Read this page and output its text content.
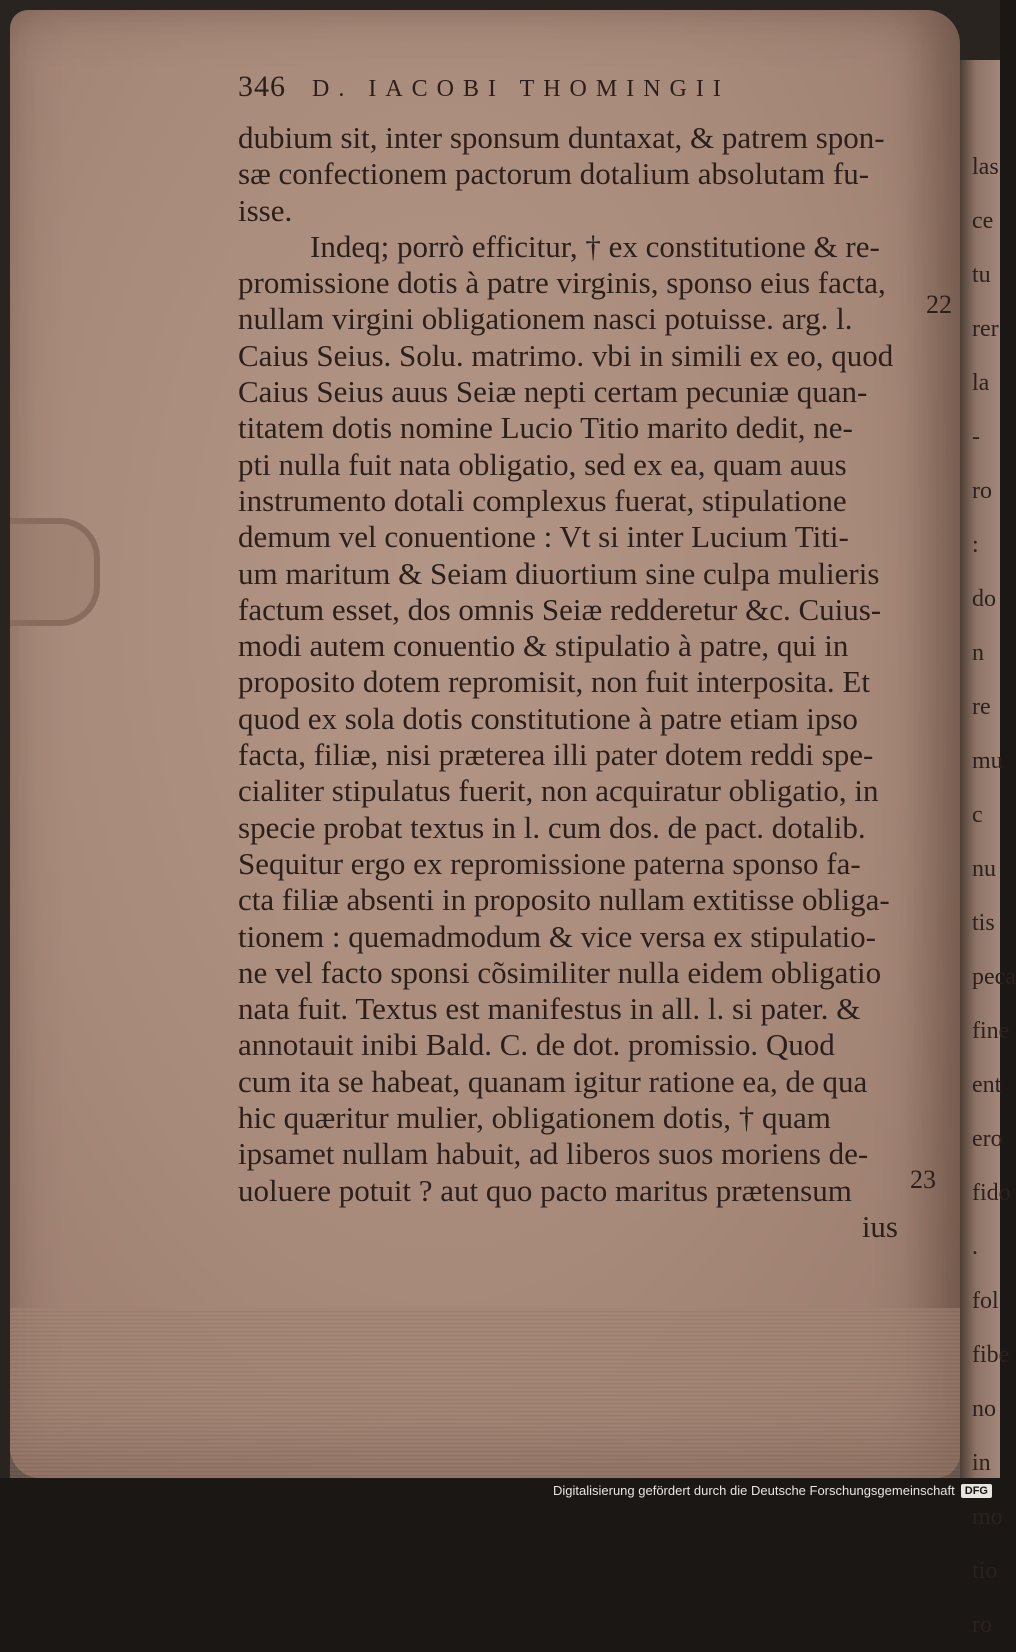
las
ce
tu
rer
la
-
ro
:
do
n
re
mu
c
nu
tis
peca
fine
ent
ero
fido
.
fol
fibe
no
in
mo
tio
ro
346 D. IACOBI THOMINGII
dubium sit, inter sponsum duntaxat, & patrem spon-
sæ confectionem pactorum dotalium absolutam fu-
isse.
Indeq; porrò efficitur, † ex constitutione & re-
promissione dotis à patre virginis, sponso eius facta,
nullam virgini obligationem nasci potuisse. arg. l.
Caius Seius. Solu. matrimo. vbi in simili ex eo, quod
Caius Seius auus Seiæ nepti certam pecuniæ quan-
titatem dotis nomine Lucio Titio marito dedit, ne-
pti nulla fuit nata obligatio, sed ex ea, quam auus
instrumento dotali complexus fuerat, stipulatione
demum vel conuentione : Vt si inter Lucium Titi-
um maritum & Seiam diuortium sine culpa mulieris
factum esset, dos omnis Seiæ redderetur &c. Cuius-
modi autem conuentio & stipulatio à patre, qui in
proposito dotem repromisit, non fuit interposita. Et
quod ex sola dotis constitutione à patre etiam ipso
facta, filiæ, nisi præterea illi pater dotem reddi spe-
cialiter stipulatus fuerit, non acquiratur obligatio, in
specie probat textus in l. cum dos. de pact. dotalib.
Sequitur ergo ex repromissione paterna sponso fa-
cta filiæ absenti in proposito nullam extitisse obliga-
tionem : quemadmodum & vice versa ex stipulatio-
ne vel facto sponsi cõsimiliter nulla eidem obligatio
nata fuit. Textus est manifestus in all. l. si pater. &
annotauit inibi Bald. C. de dot. promissio. Quod
cum ita se habeat, quanam igitur ratione ea, de qua
hic quæritur mulier, obligationem dotis, † quam
ipsamet nullam habuit, ad liberos suos moriens de-
uoluere potuit ? aut quo pacto maritus prætensum
ius
22
23
Digitalisierung gefördert durch die Deutsche Forschungsgemeinschaft DFG
